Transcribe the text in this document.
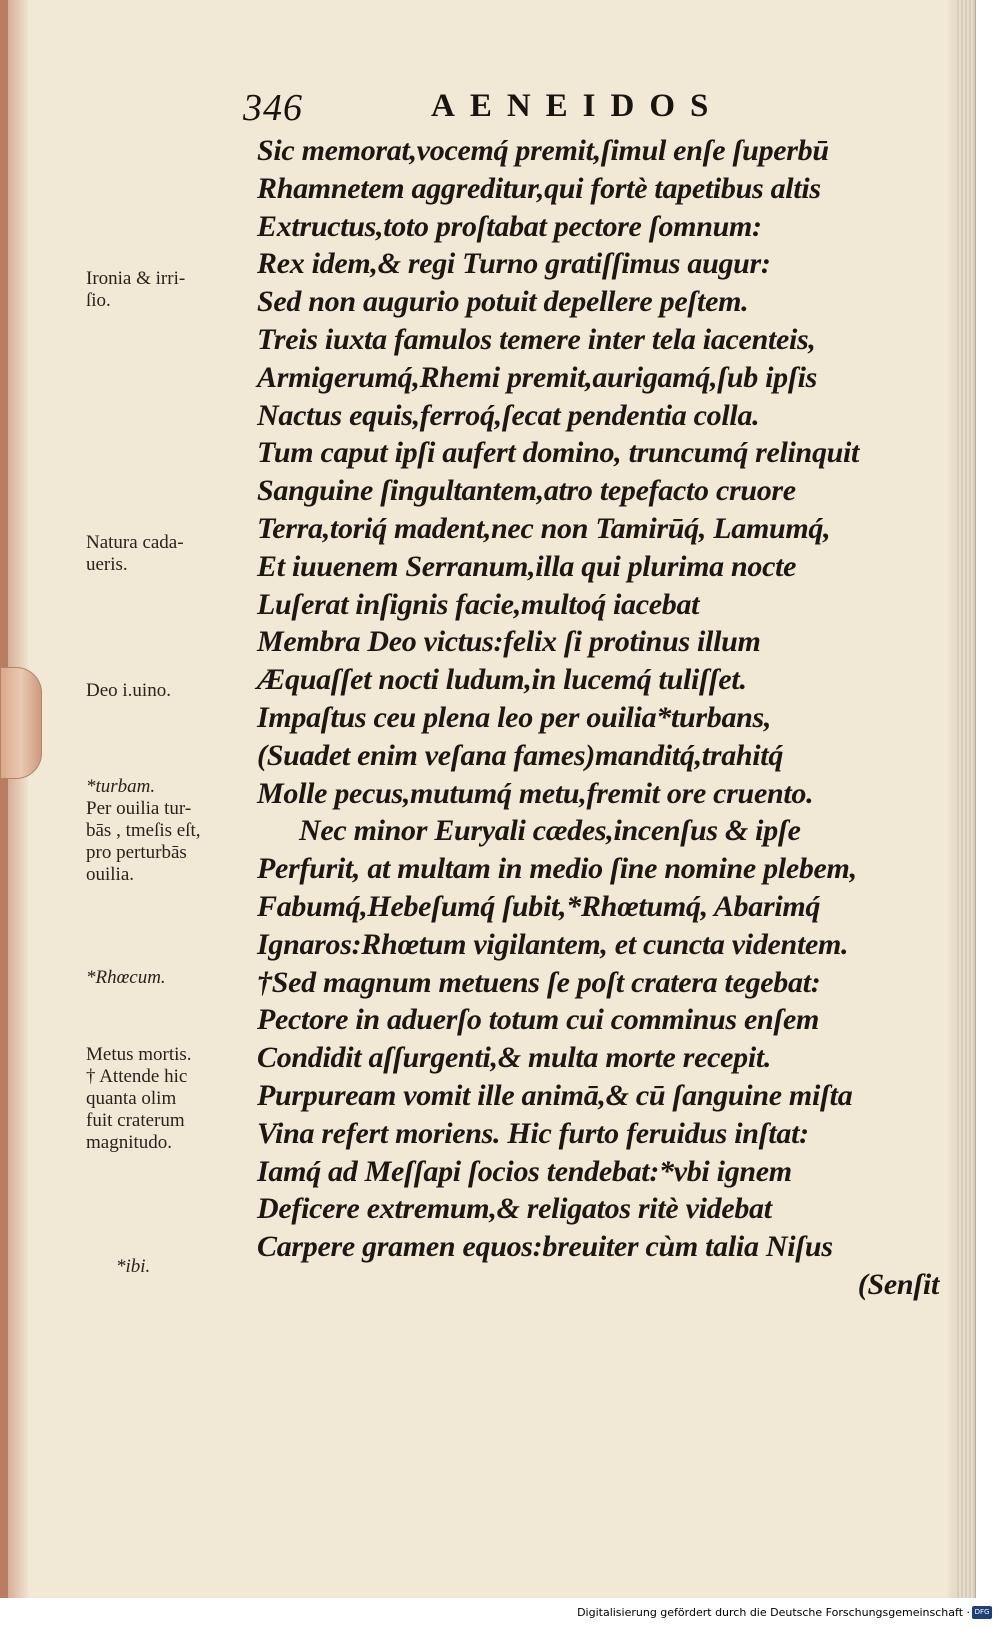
346	AENEIDOS
Sic memorat,vocemq́ premit,ſimul enſe ſuperbū
Rhamnetem aggreditur,qui fortè tapetibus altis
Extructus,toto proſtabat pectore ſomnum:
Rex idem,& regi Turno gratiſſimus augur:
Sed non augurio potuit depellere peſtem.
Treis iuxta famulos temere inter tela iacenteis,
Armigerumq́,Rhemi premit,aurigamq́,ſub ipſis
Nactus equis,ferroq́,ſecat pendentia colla.
Tum caput ipſi aufert domino, truncumq́ relinquit
Sanguine ſingultantem,atro tepefacto cruore
Terra,toriq́ madent,nec non Tamirūq́, Lamumq́,
Et iuuenem Serranum,illa qui plurima nocte
Luſerat inſignis facie,multoq́ iacebat
Membra Deo victus:felix ſi protinus illum
Æquaſſet nocti ludum,in lucemq́ tuliſſet.
Impaſtus ceu plena leo per ouilia*turbans,
(Suadet enim veſana fames)manditq́,trahitq́
Molle pecus,mutumq́ metu,fremit ore cruento.
Nec minor Euryali cædes,incenſus & ipſe
Perfurit, at multam in medio ſine nomine plebem,
Fabumq́,Hebeſumq́ ſubit,*Rhœtumq́, Abarimq́
Ignaros:Rhœtum vigilantem, et cuncta videntem.
†Sed magnum metuens ſe poſt cratera tegebat:
Pectore in aduerſo totum cui comminus enſem
Condidit aſſurgenti,& multa morte recepit.
Purpuream vomit ille animā,& cū ſanguine miſta
Vina refert moriens. Hic furto feruidus inſtat:
Iamq́ ad Meſſapi ſocios tendebat:*vbi ignem
Deficere extremum,& religatos ritè videbat
Carpere gramen equos:breuiter cùm talia Niſus
(Senſit
Ironia & irri-
ſio.
Natura cada-
ueris.
Deo i.uino.
*turbam.
Per ouilia tur-
bās , tmeſis eſt,
pro perturbās
ouilia.
*Rhœcum.
Metus mortis.
† Attende hic
quanta olim
fuit craterum
magnitudo.
*ibi.
Digitalisierung gefördert durch die Deutsche Forschungsgemeinschaft · DFG
